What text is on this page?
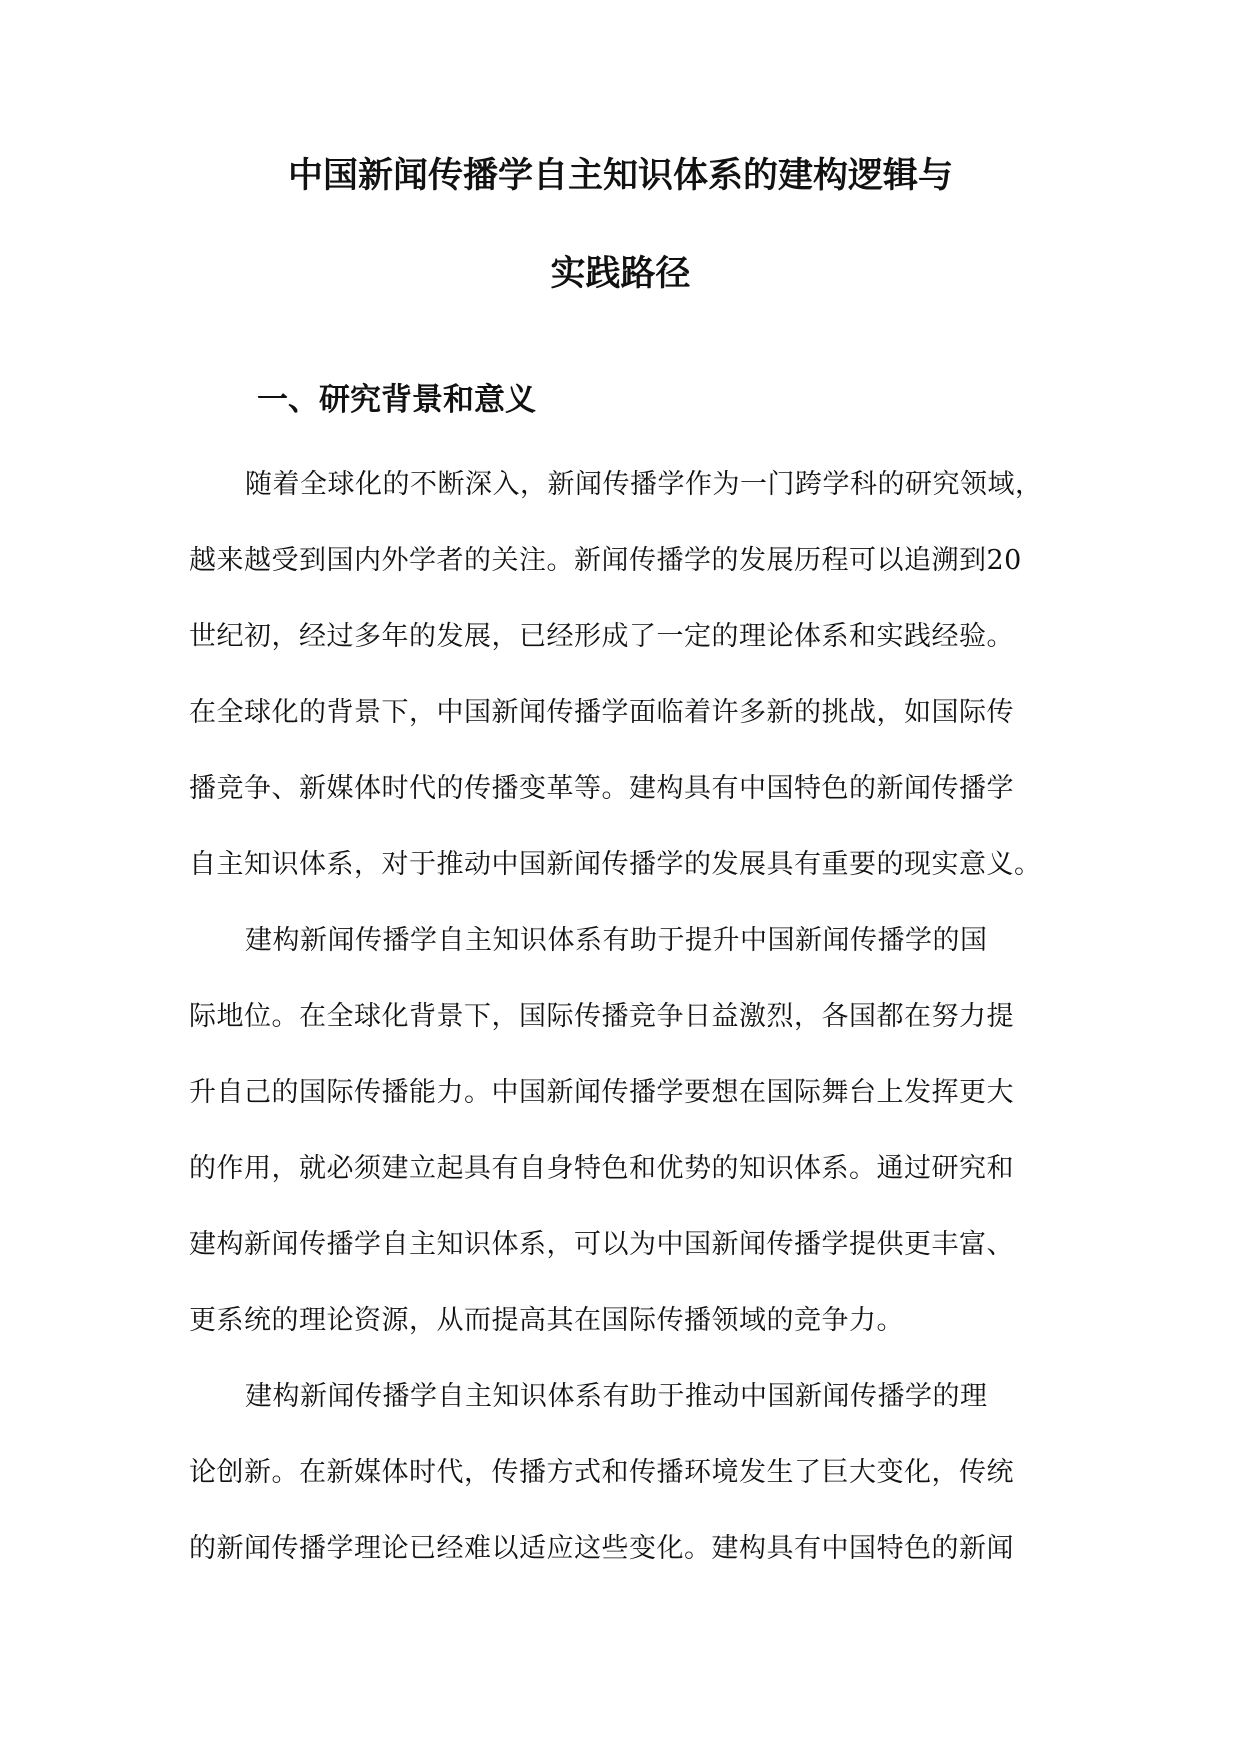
中国新闻传播学自主知识体系的建构逻辑与
实践路径
一、研究背景和意义
随着全球化的不断深入，新闻传播学作为一门跨学科的研究领域，
越来越受到国内外学者的关注。新闻传播学的发展历程可以追溯到20
世纪初，经过多年的发展，已经形成了一定的理论体系和实践经验。
在全球化的背景下，中国新闻传播学面临着许多新的挑战，如国际传
播竞争、新媒体时代的传播变革等。建构具有中国特色的新闻传播学
自主知识体系，对于推动中国新闻传播学的发展具有重要的现实意义。
建构新闻传播学自主知识体系有助于提升中国新闻传播学的国
际地位。在全球化背景下，国际传播竞争日益激烈，各国都在努力提
升自己的国际传播能力。中国新闻传播学要想在国际舞台上发挥更大
的作用，就必须建立起具有自身特色和优势的知识体系。通过研究和
建构新闻传播学自主知识体系，可以为中国新闻传播学提供更丰富、
更系统的理论资源，从而提高其在国际传播领域的竞争力。
建构新闻传播学自主知识体系有助于推动中国新闻传播学的理
论创新。在新媒体时代，传播方式和传播环境发生了巨大变化，传统
的新闻传播学理论已经难以适应这些变化。建构具有中国特色的新闻
